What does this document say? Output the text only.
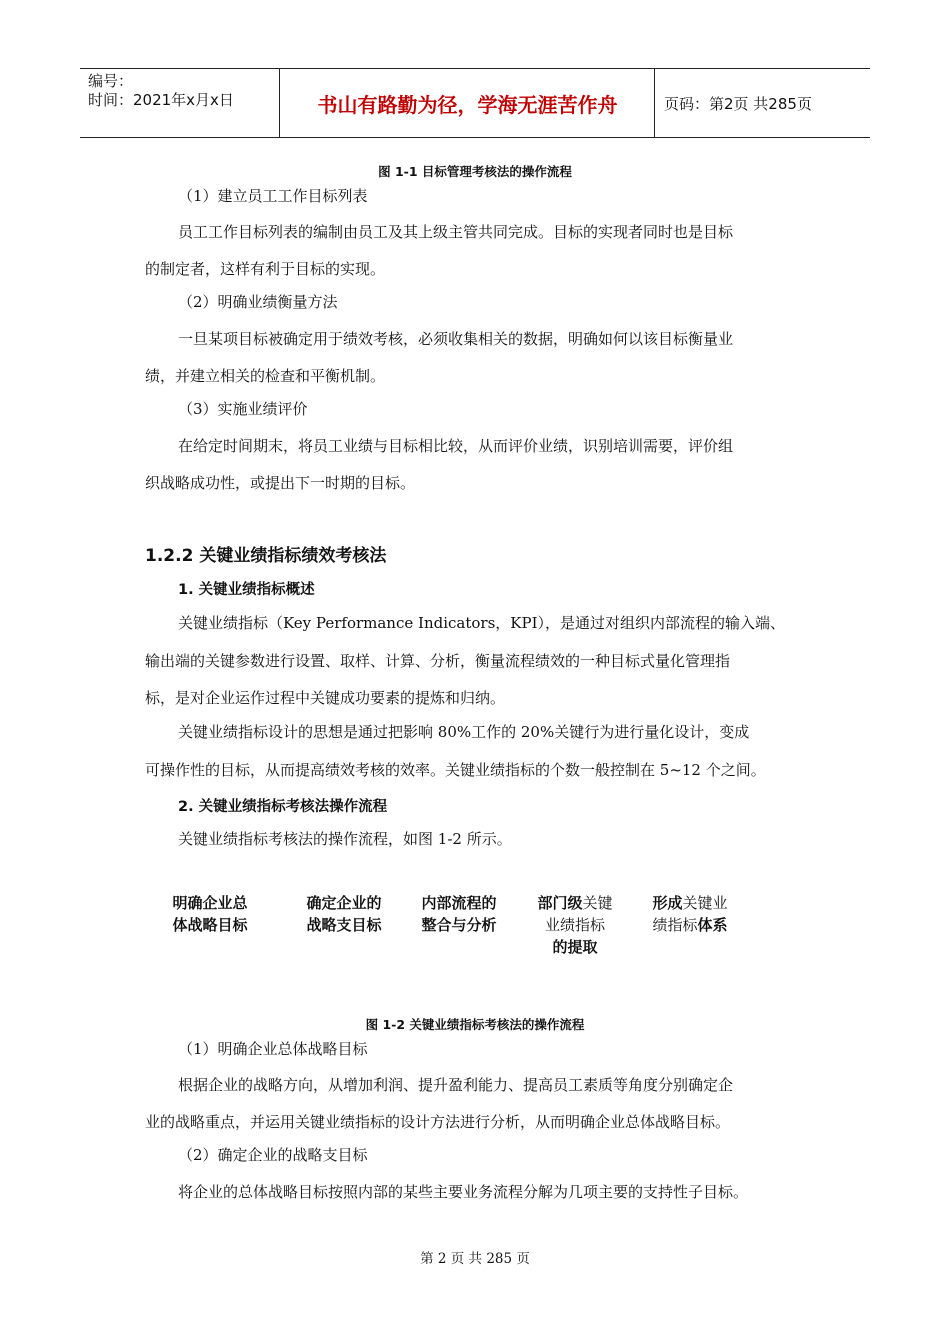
编号：
时间：2021年x月x日	书山有路勤为径，学海无涯苦作舟	页码：第2页 共285页
图 1-1 目标管理考核法的操作流程
（1）建立员工工作目标列表
员工工作目标列表的编制由员工及其上级主管共同完成。目标的实现者同时也是目标
的制定者，这样有利于目标的实现。
（2）明确业绩衡量方法
一旦某项目标被确定用于绩效考核，必须收集相关的数据，明确如何以该目标衡量业
绩，并建立相关的检查和平衡机制。
（3）实施业绩评价
在给定时间期末，将员工业绩与目标相比较，从而评价业绩，识别培训需要，评价组
织战略成功性，或提出下一时期的目标。
1.2.2 关键业绩指标绩效考核法
1. 关键业绩指标概述
关键业绩指标（Key Performance Indicators，KPI），是通过对组织内部流程的输入端、
输出端的关键参数进行设置、取样、计算、分析，衡量流程绩效的一种目标式量化管理指
标，是对企业运作过程中关键成功要素的提炼和归纳。
关键业绩指标设计的思想是通过把影响 80%工作的 20%关键行为进行量化设计，变成
可操作性的目标，从而提高绩效考核的效率。关键业绩指标的个数一般控制在 5~12 个之间。
2. 关键业绩指标考核法操作流程
关键业绩指标考核法的操作流程，如图 1-2 所示。
明确企业总
体战略目标
确定企业的
战略支目标
内部流程的
整合与分析
部门级关键
业绩指标
的提取
形成关键业
绩指标体系
图 1-2 关键业绩指标考核法的操作流程
（1）明确企业总体战略目标
根据企业的战略方向，从增加利润、提升盈利能力、提高员工素质等角度分别确定企
业的战略重点，并运用关键业绩指标的设计方法进行分析，从而明确企业总体战略目标。
（2）确定企业的战略支目标
将企业的总体战略目标按照内部的某些主要业务流程分解为几项主要的支持性子目标。
第 2 页 共 285 页
